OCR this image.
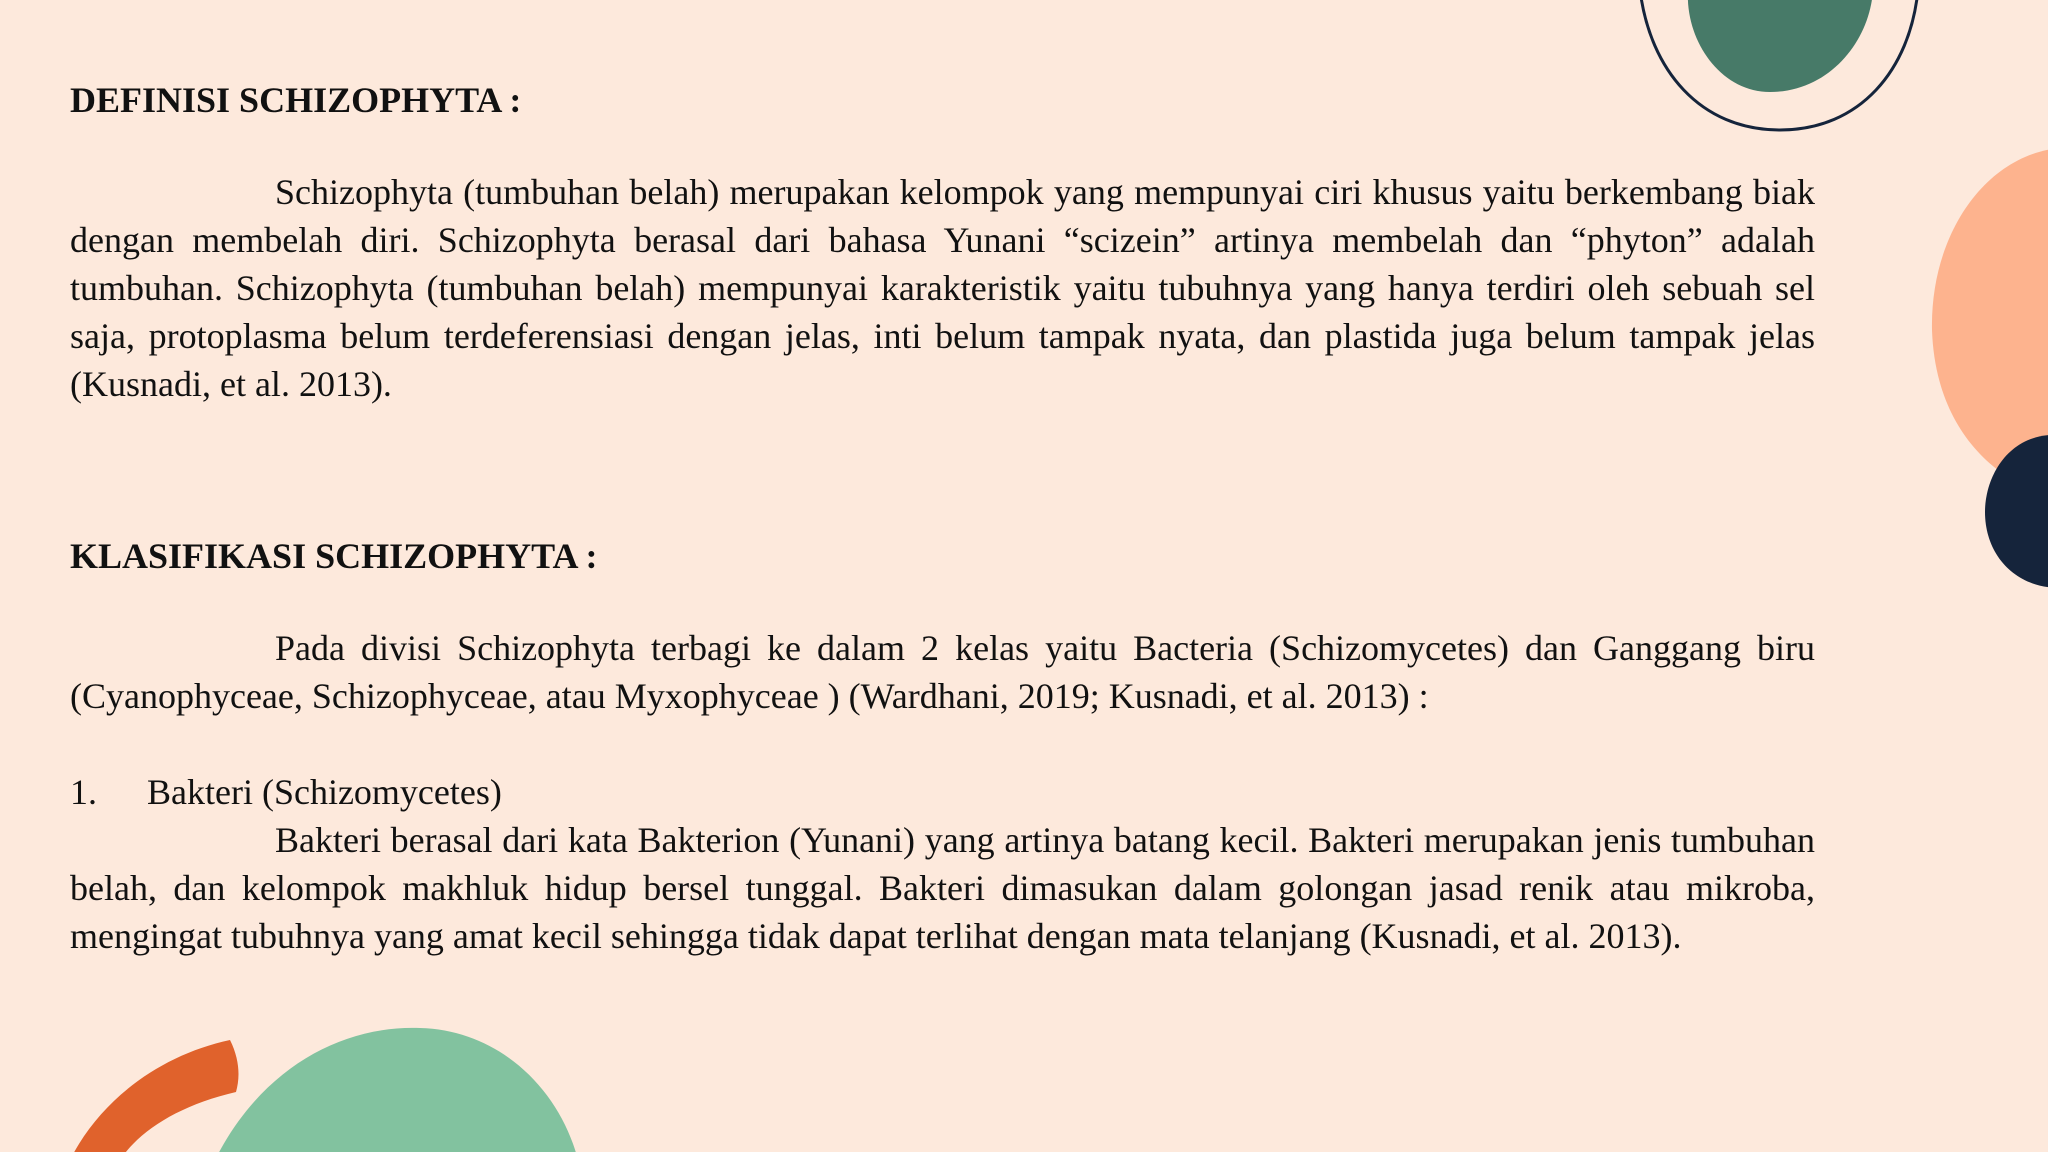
DEFINISI SCHIZOPHYTA :

Schizophyta (tumbuhan belah) merupakan kelompok yang mempunyai ciri khusus yaitu berkembang biak dengan membelah diri. Schizophyta berasal dari bahasa Yunani “scizein” artinya membelah dan “phyton” adalah tumbuhan. Schizophyta (tumbuhan belah) mempunyai karakteristik yaitu tubuhnya yang hanya terdiri oleh sebuah sel saja, protoplasma belum terdeferensiasi dengan jelas, inti belum tampak nyata, dan plastida juga belum tampak jelas (Kusnadi, et al. 2013).

KLASIFIKASI SCHIZOPHYTA :

Pada divisi Schizophyta terbagi ke dalam 2 kelas yaitu Bacteria (Schizomycetes) dan Ganggang biru (Cyanophyceae, Schizophyceae, atau Myxophyceae ) (Wardhani, 2019; Kusnadi, et al. 2013) :

1.	Bakteri (Schizomycetes)

Bakteri berasal dari kata Bakterion (Yunani) yang artinya batang kecil. Bakteri merupakan jenis tumbuhan belah, dan kelompok makhluk hidup bersel tunggal. Bakteri dimasukan dalam golongan jasad renik atau mikroba, mengingat tubuhnya yang amat kecil sehingga tidak dapat terlihat dengan mata telanjang (Kusnadi, et al. 2013).
